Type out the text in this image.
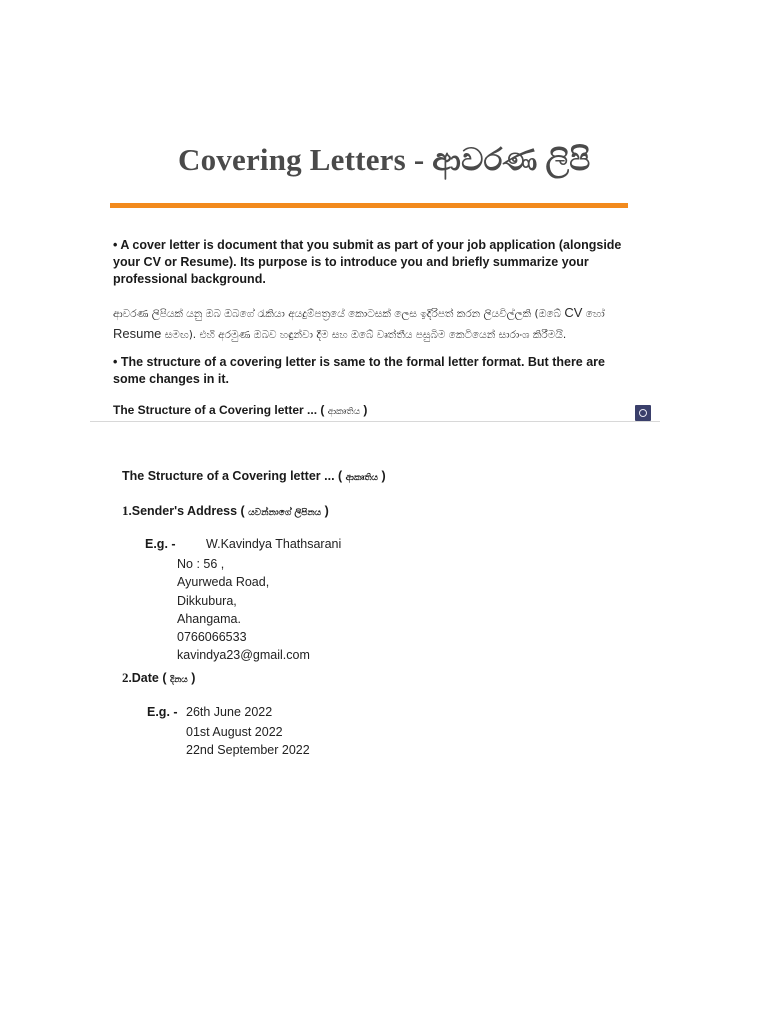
Covering Letters - ආවරණ ලිපි
• A cover letter is document that you submit as part of your job application (alongside your CV or Resume). Its purpose is to introduce you and briefly summarize your professional background.
ආවරණ ලිපියක් යනු ඔබ ඔබගේ රැකියා අයදුම්පත්‍රයේ කොටසක් ලෙස ඉදිරිපත් කරන ලියවිල්ලකි (ඔබේ CV හෝ Resume සමඟ). එහි අරමුණ ඔබව හඳුන්වා දීම සහ ඔබේ වෘත්තීය පසුබිම කෙටියෙන් සාරාංශ කිරීමයි.
• The structure of a covering letter is same to the formal letter format. But there are some changes in it.
The Structure of a Covering letter ... ( ආකෘතිය )
The Structure of a Covering letter ... ( ආකෘතිය )
1.Sender's Address ( යවන්නාගේ ලිපිනය )
E.g. - W.Kavindya Thathsarani
No : 56 ,
Ayurweda Road,
Dikkubura,
Ahangama.
0766066533
kavindya23@gmail.com
2.Date ( දිනය )
E.g. - 26th June 2022
01st August 2022
22nd September 2022
